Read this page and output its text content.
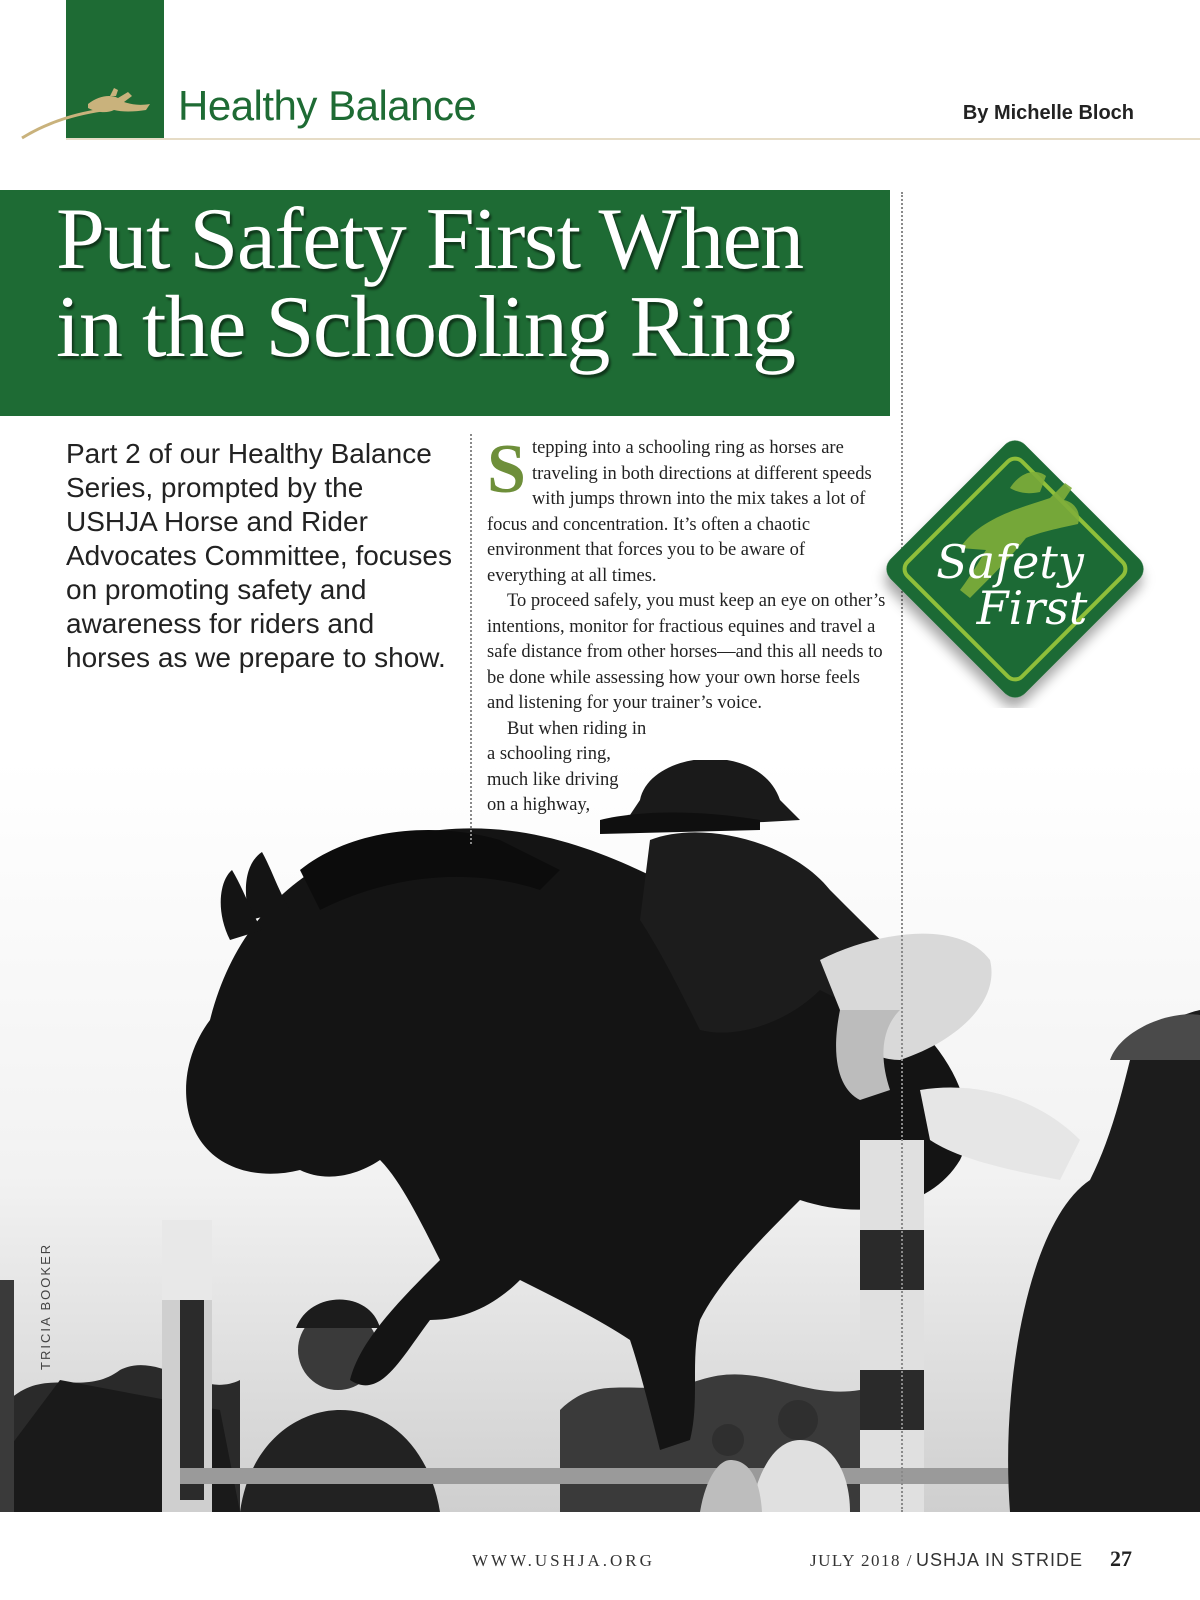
Healthy Balance	By Michelle Bloch
Put Safety First When
in the Schooling Ring
TRICIA BOOKER
Part 2 of our Healthy Balance Series, prompted by the USHJA Horse and Rider Advocates Committee, focuses on promoting safety and awareness for riders and horses as we prepare to show.

Stepping into a schooling ring as horses are traveling in both directions at different speeds with jumps thrown into the mix takes a lot of focus and concentration. It’s often a chaotic environment that forces you to be aware of everything at all times.

To proceed safely, you must keep an eye on other’s intentions, monitor for fractious equines and travel a safe distance from other horses—and this all needs to be done while assessing how your own horse feels and listening for your trainer’s voice.

But when riding in
a schooling ring,
much like driving
on a highway,

Safety
First
WWW.USHJA.ORG	JULY 2018 / USHJA IN STRIDE 27
